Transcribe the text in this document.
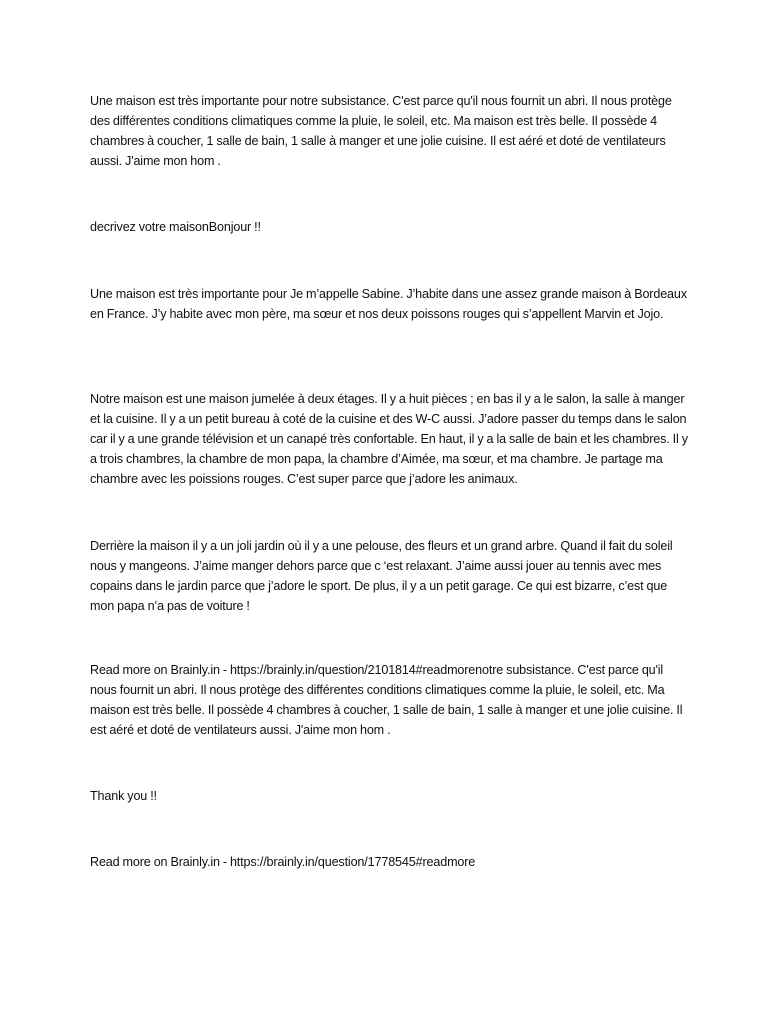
Une maison est très importante pour notre subsistance. C'est parce qu'il nous fournit un abri. Il nous protège des différentes conditions climatiques comme la pluie, le soleil, etc. Ma maison est très belle. Il possède 4 chambres à coucher, 1 salle de bain, 1 salle à manger et une jolie cuisine. Il est aéré et doté de ventilateurs aussi. J'aime mon hom .

decrivez votre maisonBonjour !!

Une maison est très importante pour Je m’appelle Sabine. J’habite dans une assez grande maison à Bordeaux en France. J’y habite avec mon père, ma sœur et nos deux poissons rouges qui s’appellent Marvin et Jojo.

Notre maison est une maison jumelée à deux étages. Il y a huit pièces ; en bas il y a le salon, la salle à manger et la cuisine. Il y a un petit bureau à coté de la cuisine et des W-C aussi. J’adore passer du temps dans le salon car il y a une grande télévision et un canapé très confortable. En haut, il y a la salle de bain et les chambres. Il y a trois chambres, la chambre de mon papa, la chambre d’Aimée, ma sœur, et ma chambre. Je partage ma chambre avec les poissions rouges. C’est super parce que j’adore les animaux.

Derrière la maison il y a un joli jardin où il y a une pelouse, des fleurs et un grand arbre. Quand il fait du soleil nous y mangeons. J’aime manger dehors parce que c ‘est relaxant. J’aime aussi jouer au tennis avec mes copains dans le jardin parce que j’adore le sport. De plus, il y a un petit garage. Ce qui est bizarre, c’est que mon papa n’a pas de voiture !

Read more on Brainly.in - https://brainly.in/question/2101814#readmorenotre subsistance. C'est parce qu'il nous fournit un abri. Il nous protège des différentes conditions climatiques comme la pluie, le soleil, etc. Ma maison est très belle. Il possède 4 chambres à coucher, 1 salle de bain, 1 salle à manger et une jolie cuisine. Il est aéré et doté de ventilateurs aussi. J'aime mon hom .

Thank you !!

Read more on Brainly.in - https://brainly.in/question/1778545#readmore
